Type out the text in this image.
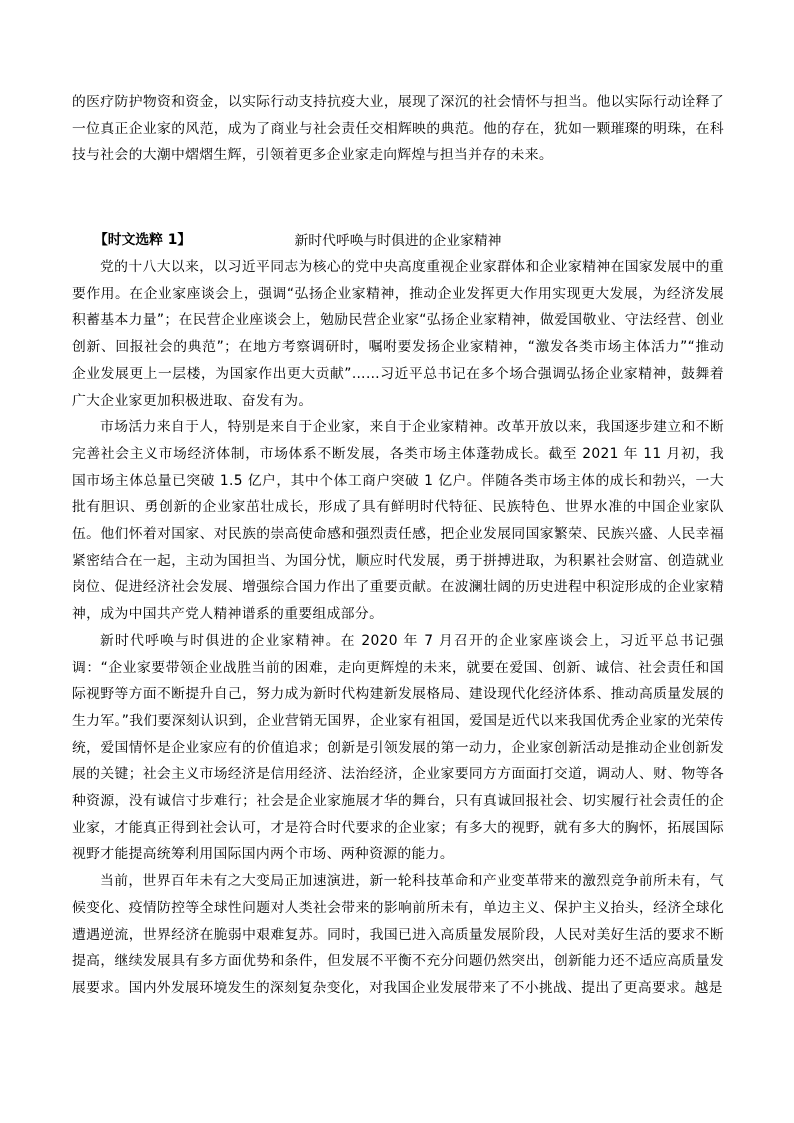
的医疗防护物资和资金，以实际行动支持抗疫大业，展现了深沉的社会情怀与担当。他以实际行动诠释了一位真正企业家的风范，成为了商业与社会责任交相辉映的典范。他的存在，犹如一颗璀璨的明珠，在科技与社会的大潮中熠熠生辉，引领着更多企业家走向辉煌与担当并存的未来。

【时文选粹 1】	新时代呼唤与时俱进的企业家精神

党的十八大以来，以习近平同志为核心的党中央高度重视企业家群体和企业家精神在国家发展中的重要作用。在企业家座谈会上，强调“弘扬企业家精神，推动企业发挥更大作用实现更大发展，为经济发展积蓄基本力量”；在民营企业座谈会上，勉励民营企业家“弘扬企业家精神，做爱国敬业、守法经营、创业创新、回报社会的典范”；在地方考察调研时，嘱咐要发扬企业家精神，“激发各类市场主体活力”“推动企业发展更上一层楼，为国家作出更大贡献”……习近平总书记在多个场合强调弘扬企业家精神，鼓舞着广大企业家更加积极进取、奋发有为。

市场活力来自于人，特别是来自于企业家，来自于企业家精神。改革开放以来，我国逐步建立和不断完善社会主义市场经济体制，市场体系不断发展，各类市场主体蓬勃成长。截至 2021 年 11 月初，我国市场主体总量已突破 1.5 亿户，其中个体工商户突破 1 亿户。伴随各类市场主体的成长和勃兴，一大批有胆识、勇创新的企业家茁壮成长，形成了具有鲜明时代特征、民族特色、世界水准的中国企业家队伍。他们怀着对国家、对民族的崇高使命感和强烈责任感，把企业发展同国家繁荣、民族兴盛、人民幸福紧密结合在一起，主动为国担当、为国分忧，顺应时代发展，勇于拼搏进取，为积累社会财富、创造就业岗位、促进经济社会发展、增强综合国力作出了重要贡献。在波澜壮阔的历史进程中积淀形成的企业家精神，成为中国共产党人精神谱系的重要组成部分。

新时代呼唤与时俱进的企业家精神。在 2020 年 7 月召开的企业家座谈会上，习近平总书记强调：“企业家要带领企业战胜当前的困难，走向更辉煌的未来，就要在爱国、创新、诚信、社会责任和国际视野等方面不断提升自己，努力成为新时代构建新发展格局、建设现代化经济体系、推动高质量发展的生力军。”我们要深刻认识到，企业营销无国界，企业家有祖国，爱国是近代以来我国优秀企业家的光荣传统，爱国情怀是企业家应有的价值追求；创新是引领发展的第一动力，企业家创新活动是推动企业创新发展的关键；社会主义市场经济是信用经济、法治经济，企业家要同方方面面打交道，调动人、财、物等各种资源，没有诚信寸步难行；社会是企业家施展才华的舞台，只有真诚回报社会、切实履行社会责任的企业家，才能真正得到社会认可，才是符合时代要求的企业家；有多大的视野，就有多大的胸怀，拓展国际视野才能提高统筹利用国际国内两个市场、两种资源的能力。

当前，世界百年未有之大变局正加速演进，新一轮科技革命和产业变革带来的激烈竞争前所未有，气候变化、疫情防控等全球性问题对人类社会带来的影响前所未有，单边主义、保护主义抬头，经济全球化遭遇逆流，世界经济在脆弱中艰难复苏。同时，我国已进入高质量发展阶段，人民对美好生活的要求不断提高，继续发展具有多方面优势和条件，但发展不平衡不充分问题仍然突出，创新能力还不适应高质量发展要求。国内外发展环境发生的深刻复杂变化，对我国企业发展带来了不小挑战、提出了更高要求。越是
